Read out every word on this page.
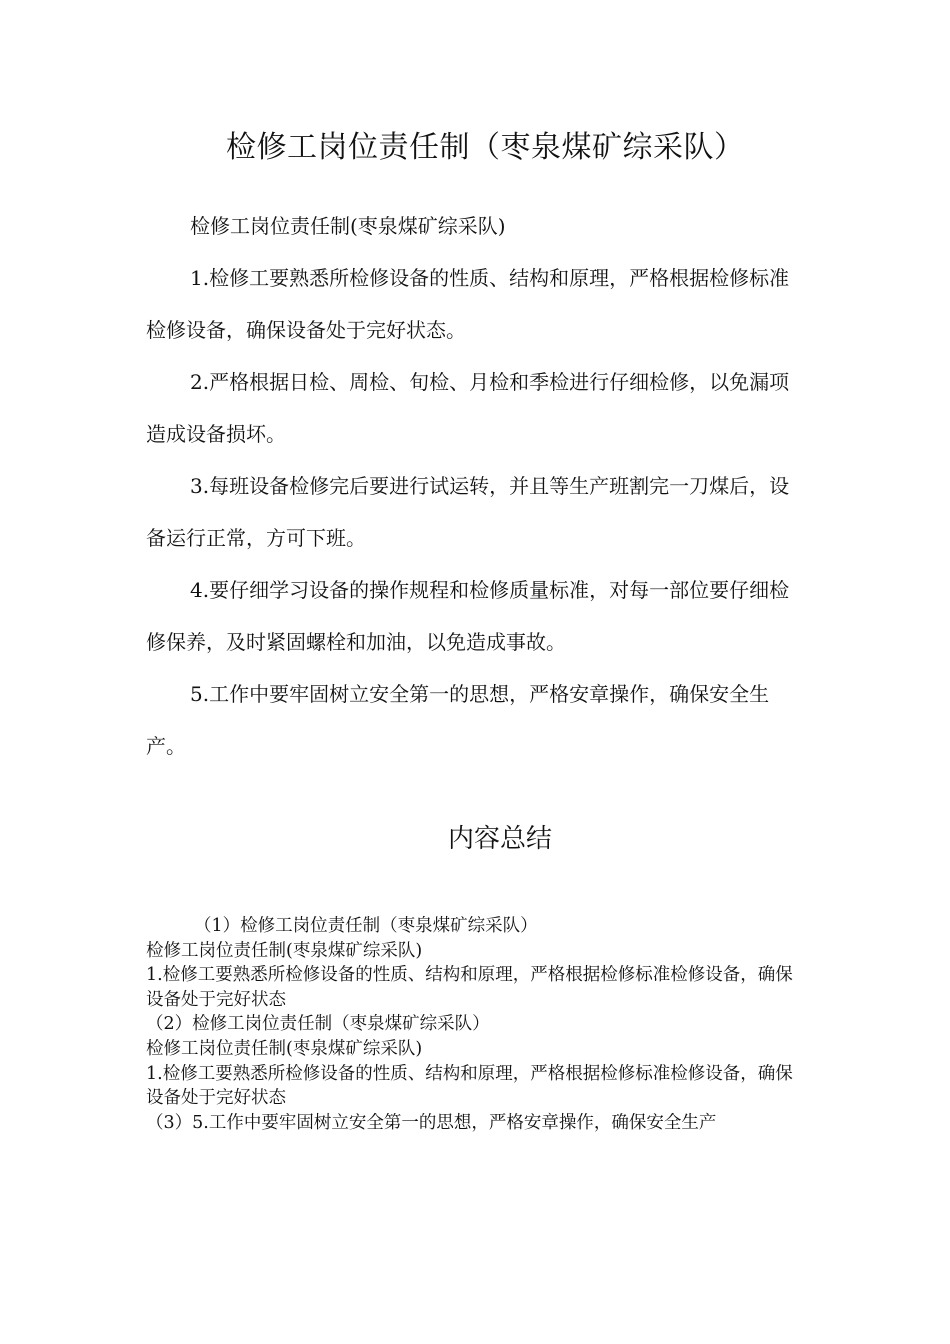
检修工岗位责任制（枣泉煤矿综采队）

检修工岗位责任制(枣泉煤矿综采队)

1.检修工要熟悉所检修设备的性质、结构和原理，严格根据检修标准检修设备，确保设备处于完好状态。

2.严格根据日检、周检、旬检、月检和季检进行仔细检修，以免漏项造成设备损坏。

3.每班设备检修完后要进行试运转，并且等生产班割完一刀煤后，设备运行正常，方可下班。

4.要仔细学习设备的操作规程和检修质量标准，对每一部位要仔细检修保养，及时紧固螺栓和加油，以免造成事故。

5.工作中要牢固树立安全第一的思想，严格安章操作，确保安全生产。

内容总结
（1）检修工岗位责任制（枣泉煤矿综采队）
检修工岗位责任制(枣泉煤矿综采队)
1.检修工要熟悉所检修设备的性质、结构和原理，严格根据检修标准检修设备，确保设备处于完好状态
（2）检修工岗位责任制（枣泉煤矿综采队）
检修工岗位责任制(枣泉煤矿综采队)
1.检修工要熟悉所检修设备的性质、结构和原理，严格根据检修标准检修设备，确保设备处于完好状态
（3）5.工作中要牢固树立安全第一的思想，严格安章操作，确保安全生产
